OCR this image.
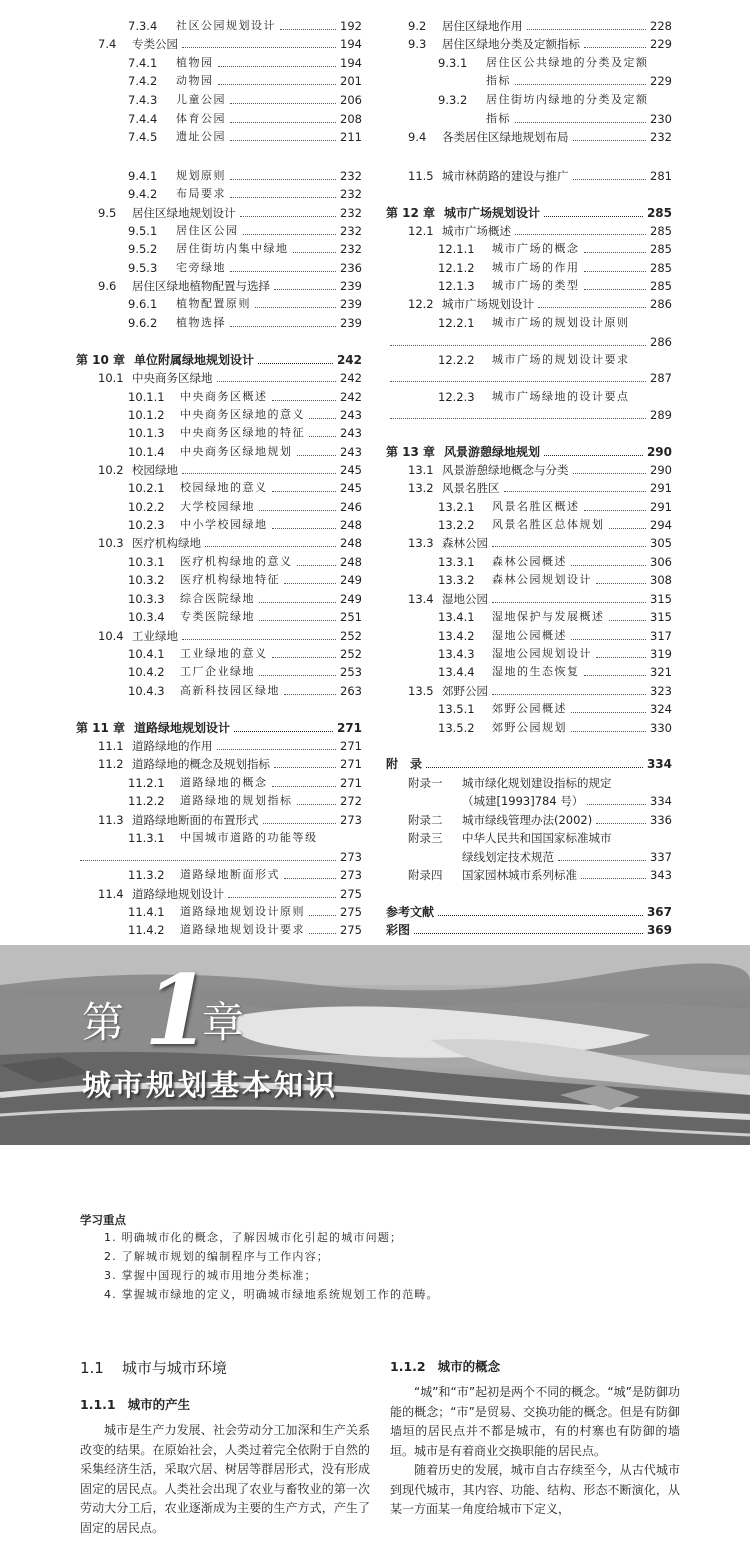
7.3.4 社区公园规划设计	192
7.4 专类公园	194
7.4.1 植物园	194
7.4.2 动物园	201
7.4.3 儿童公园	206
7.4.4 体育公园	208
7.4.5 遗址公园	211
9.4.1 规划原则	232
9.4.2 布局要求	232
9.5 居住区绿地规划设计	232
9.5.1 居住区公园	232
9.5.2 居住街坊内集中绿地	232
9.5.3 宅旁绿地	236
9.6 居住区绿地植物配置与选择	239
9.6.1 植物配置原则	239
9.6.2 植物选择	239
第 10 章 单位附属绿地规划设计	242
10.1 中央商务区绿地	242
10.1.1 中央商务区概述	242
10.1.2 中央商务区绿地的意义	243
10.1.3 中央商务区绿地的特征	243
10.1.4 中央商务区绿地规划	243
10.2 校园绿地	245
10.2.1 校园绿地的意义	245
10.2.2 大学校园绿地	246
10.2.3 中小学校园绿地	248
10.3 医疗机构绿地	248
10.3.1 医疗机构绿地的意义	248
10.3.2 医疗机构绿地特征	249
10.3.3 综合医院绿地	249
10.3.4 专类医院绿地	251
10.4 工业绿地	252
10.4.1 工业绿地的意义	252
10.4.2 工厂企业绿地	253
10.4.3 高新科技园区绿地	263
第 11 章 道路绿地规划设计	271
11.1 道路绿地的作用	271
11.2 道路绿地的概念及规划指标	271
11.2.1 道路绿地的概念	271
11.2.2 道路绿地的规划指标	272
11.3 道路绿地断面的布置形式	273
11.3.1 中国城市道路的功能等级
273
11.3.2 道路绿地断面形式	273
11.4 道路绿地规划设计	275
11.4.1 道路绿地规划设计原则	275
11.4.2 道路绿地规划设计要求	275
9.2 居住区绿地作用	228
9.3 居住区绿地分类及定额指标	229
9.3.1 居住区公共绿地的分类及定额
指标	229
9.3.2 居住街坊内绿地的分类及定额
指标	230
9.4 各类居住区绿地规划布局	232
11.5 城市林荫路的建设与推广	281
第 12 章 城市广场规划设计	285
12.1 城市广场概述	285
12.1.1 城市广场的概念	285
12.1.2 城市广场的作用	285
12.1.3 城市广场的类型	285
12.2 城市广场规划设计	286
12.2.1 城市广场的规划设计原则
286
12.2.2 城市广场的规划设计要求
287
12.2.3 城市广场绿地的设计要点
289
第 13 章 风景游憩绿地规划	290
13.1 风景游憩绿地概念与分类	290
13.2 风景名胜区	291
13.2.1 风景名胜区概述	291
13.2.2 风景名胜区总体规划	294
13.3 森林公园	305
13.3.1 森林公园概述	306
13.3.2 森林公园规划设计	308
13.4 湿地公园	315
13.4.1 湿地保护与发展概述	315
13.4.2 湿地公园概述	317
13.4.3 湿地公园规划设计	319
13.4.4 湿地的生态恢复	321
13.5 郊野公园	323
13.5.1 郊野公园概述	324
13.5.2 郊野公园规划	330
附　录	334
附录一 城市绿化规划建设指标的规定
（城建[1993]784 号）	334
附录二 城市绿线管理办法(2002)	336
附录三 中华人民共和国国家标准城市
绿线划定技术规范	337
附录四 国家园林城市系列标准	343
参考文献	367
彩图	369
第 1
章
城市规划基本知识
学习重点
1. 明确城市化的概念，了解因城市化引起的城市问题；
2. 了解城市规划的编制程序与工作内容；
3. 掌握中国现行的城市用地分类标准；
4. 掌握城市绿地的定义，明确城市绿地系统规划工作的范畴。
1.1 城市与城市环境
1.1.1 城市的产生
城市是生产力发展、社会劳动分工加深和生产关系改变的结果。在原始社会，人类过着完全依附于自然的采集经济生活，采取穴居、树居等群居形式，没有形成固定的居民点。人类社会出现了农业与畜牧业的第一次劳动大分工后，农业逐渐成为主要的生产方式，产生了固定的居民点。
1.1.2 城市的概念
“城”和“市”起初是两个不同的概念。“城”是防御功能的概念；“市”是贸易、交换功能的概念。但是有防御墙垣的居民点并不都是城市，有的村寨也有防御的墙垣。城市是有着商业交换职能的居民点。
随着历史的发展，城市自古存续至今，从古代城市到现代城市，其内容、功能、结构、形态不断演化，从某一方面某一角度给城市下定义，
